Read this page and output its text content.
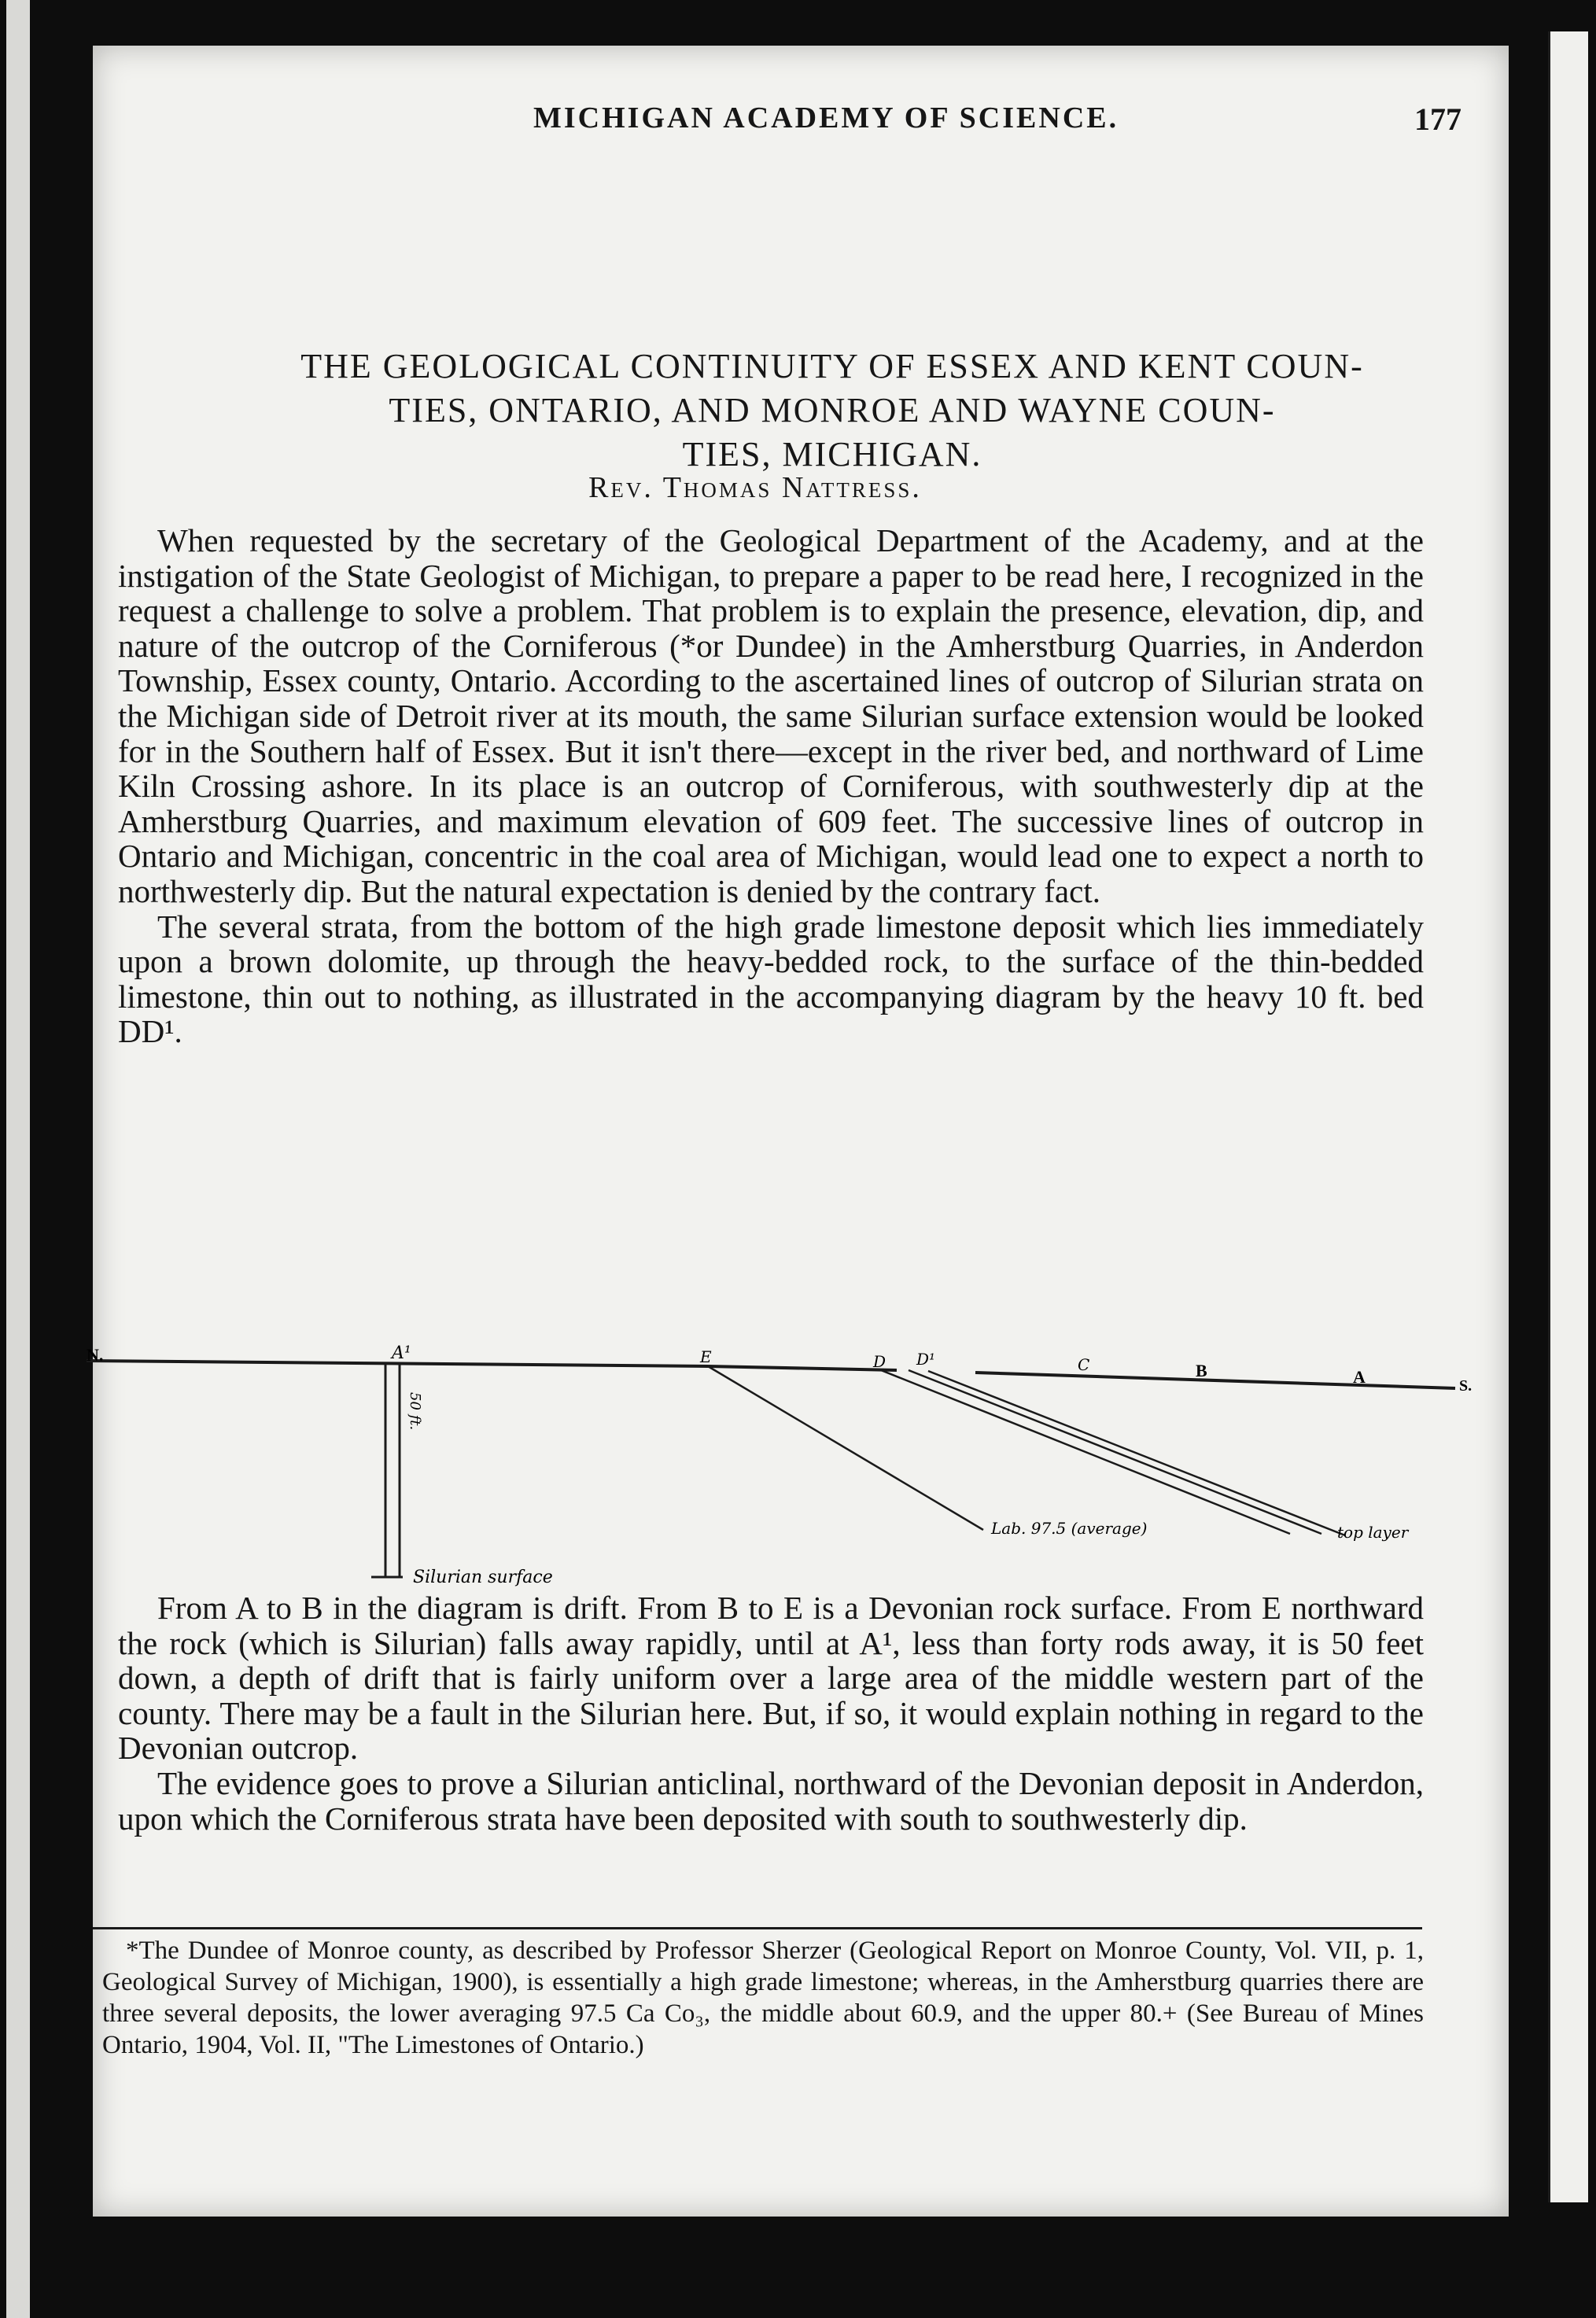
MICHIGAN ACADEMY OF SCIENCE.	177
THE GEOLOGICAL CONTINUITY OF ESSEX AND KENT COUN-
TIES, ONTARIO, AND MONROE AND WAYNE COUN-
TIES, MICHIGAN.
Rev. Thomas Nattress.

When requested by the secretary of the Geological Department of the Academy, and at the instigation of the State Geologist of Michigan, to prepare a paper to be read here, I recognized in the request a challenge to solve a problem. That problem is to explain the presence, elevation, dip, and nature of the outcrop of the Corniferous (*or Dundee) in the Amherstburg Quarries, in Anderdon Township, Essex county, Ontario. According to the ascertained lines of outcrop of Silurian strata on the Michigan side of Detroit river at its mouth, the same Silurian surface extension would be looked for in the Southern half of Essex. But it isn't there—except in the river bed, and northward of Lime Kiln Crossing ashore. In its place is an outcrop of Corniferous, with southwesterly dip at the Amherstburg Quarries, and maximum elevation of 609 feet. The successive lines of outcrop in Ontario and Michigan, concentric in the coal area of Michigan, would lead one to expect a north to northwesterly dip. But the natural expectation is denied by the contrary fact.

The several strata, from the bottom of the high grade limestone deposit which lies immediately upon a brown dolomite, up through the heavy-bedded rock, to the surface of the thin-bedded limestone, thin out to nothing, as illustrated in the accompanying diagram by the heavy 10 ft. bed DD¹.

N.	A¹	E	D D¹	C	B	A	S.
50 ft.
Silurian surface
Lab. 97.5 (average)	top layer

From A to B in the diagram is drift. From B to E is a Devonian rock surface. From E northward the rock (which is Silurian) falls away rapidly, until at A¹, less than forty rods away, it is 50 feet down, a depth of drift that is fairly uniform over a large area of the middle western part of the county. There may be a fault in the Silurian here. But, if so, it would explain nothing in regard to the Devonian outcrop.

The evidence goes to prove a Silurian anticlinal, northward of the Devonian deposit in Anderdon, upon which the Corniferous strata have been deposited with south to southwesterly dip.

*The Dundee of Monroe county, as described by Professor Sherzer (Geological Report on Monroe County, Vol. VII, p. 1, Geological Survey of Michigan, 1900), is essentially a high grade limestone; whereas, in the Amherstburg quarries there are three several deposits, the lower averaging 97.5 Ca Co₃, the middle about 60.9, and the upper 80.+ (See Bureau of Mines Ontario, 1904, Vol. II, "The Limestones of Ontario.)
